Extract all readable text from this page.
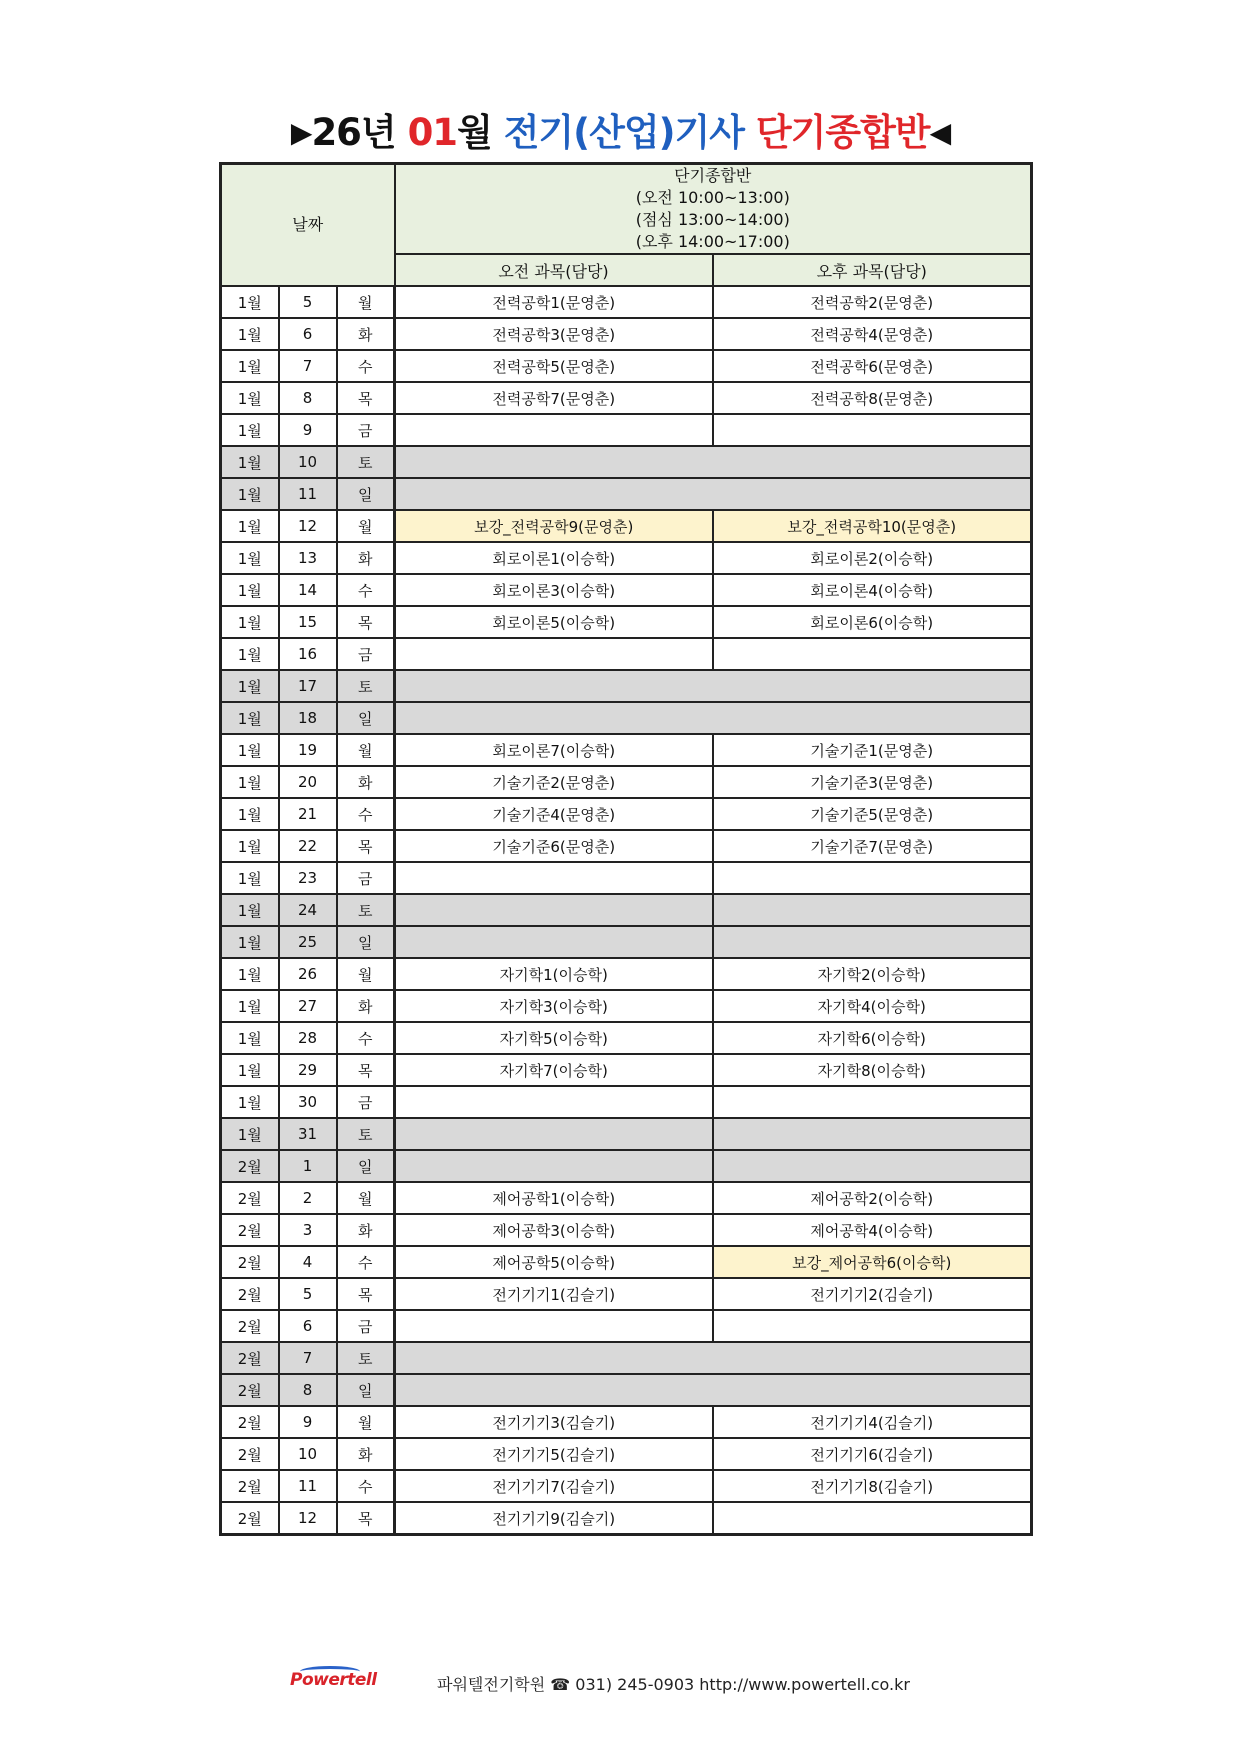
▶26년 01월 전기(산업)기사 단기종합반◀
날짜			단기종합반
(오전 10:00~13:00)
(점심 13:00~14:00)
(오후 14:00~17:00)	

			오전 과목(담당)	오후 과목(담당)
1월	5	월	전력공학1(문영춘)	전력공학2(문영춘)
1월	6	화	전력공학3(문영춘)	전력공학4(문영춘)
1월	7	수	전력공학5(문영춘)	전력공학6(문영춘)
1월	8	목	전력공학7(문영춘)	전력공학8(문영춘)
1월	9	금		
1월	10	토		
1월	11	일		
1월	12	월	보강_전력공학9(문영춘)	보강_전력공학10(문영춘)
1월	13	화	회로이론1(이승학)	회로이론2(이승학)
1월	14	수	회로이론3(이승학)	회로이론4(이승학)
1월	15	목	회로이론5(이승학)	회로이론6(이승학)
1월	16	금		
1월	17	토		
1월	18	일		
1월	19	월	회로이론7(이승학)	기술기준1(문영춘)
1월	20	화	기술기준2(문영춘)	기술기준3(문영춘)
1월	21	수	기술기준4(문영춘)	기술기준5(문영춘)
1월	22	목	기술기준6(문영춘)	기술기준7(문영춘)
1월	23	금		
1월	24	토		
1월	25	일		
1월	26	월	자기학1(이승학)	자기학2(이승학)
1월	27	화	자기학3(이승학)	자기학4(이승학)
1월	28	수	자기학5(이승학)	자기학6(이승학)
1월	29	목	자기학7(이승학)	자기학8(이승학)
1월	30	금		
1월	31	토		
2월	1	일		
2월	2	월	제어공학1(이승학)	제어공학2(이승학)
2월	3	화	제어공학3(이승학)	제어공학4(이승학)
2월	4	수	제어공학5(이승학)	보강_제어공학6(이승학)
2월	5	목	전기기기1(김슬기)	전기기기2(김슬기)
2월	6	금		
2월	7	토		
2월	8	일		
2월	9	월	전기기기3(김슬기)	전기기기4(김슬기)
2월	10	화	전기기기5(김슬기)	전기기기6(김슬기)
2월	11	수	전기기기7(김슬기)	전기기기8(김슬기)
2월	12	목	전기기기9(김슬기)	
Powertell	파워텔전기학원 ☎ 031) 245-0903 http://www.powertell.co.kr
